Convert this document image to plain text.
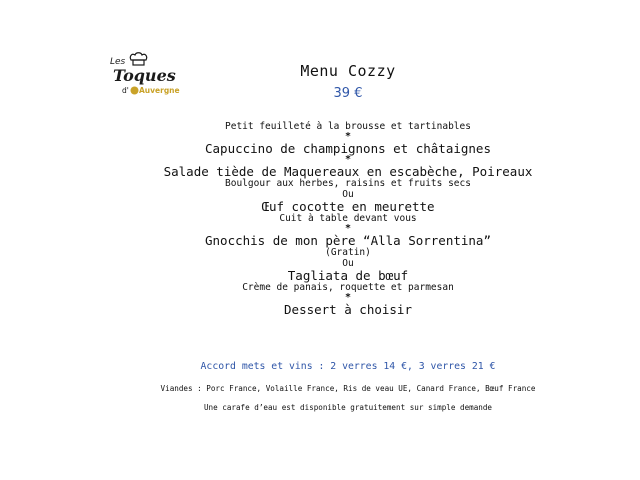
Les
Toques
d' Auvergne
Menu Cozzy
39 €
Petit feuilleté à la brousse et tartinables
*
Capuccino de champignons et châtaignes
*
Salade tiède de Maquereaux en escabèche, Poireaux
Boulgour aux herbes, raisins et fruits secs
Ou
Œuf cocotte en meurette
Cuit à table devant vous
*
Gnocchis de mon père “Alla Sorrentina”
(Gratin)
Ou
Tagliata de bœuf
Crème de panais, roquette et parmesan
*
Dessert à choisir
Accord mets et vins : 2 verres 14 €, 3 verres 21 €
Viandes : Porc France, Volaille France, Ris de veau UE, Canard France, Bœuf France
Une carafe d’eau est disponible gratuitement sur simple demande
